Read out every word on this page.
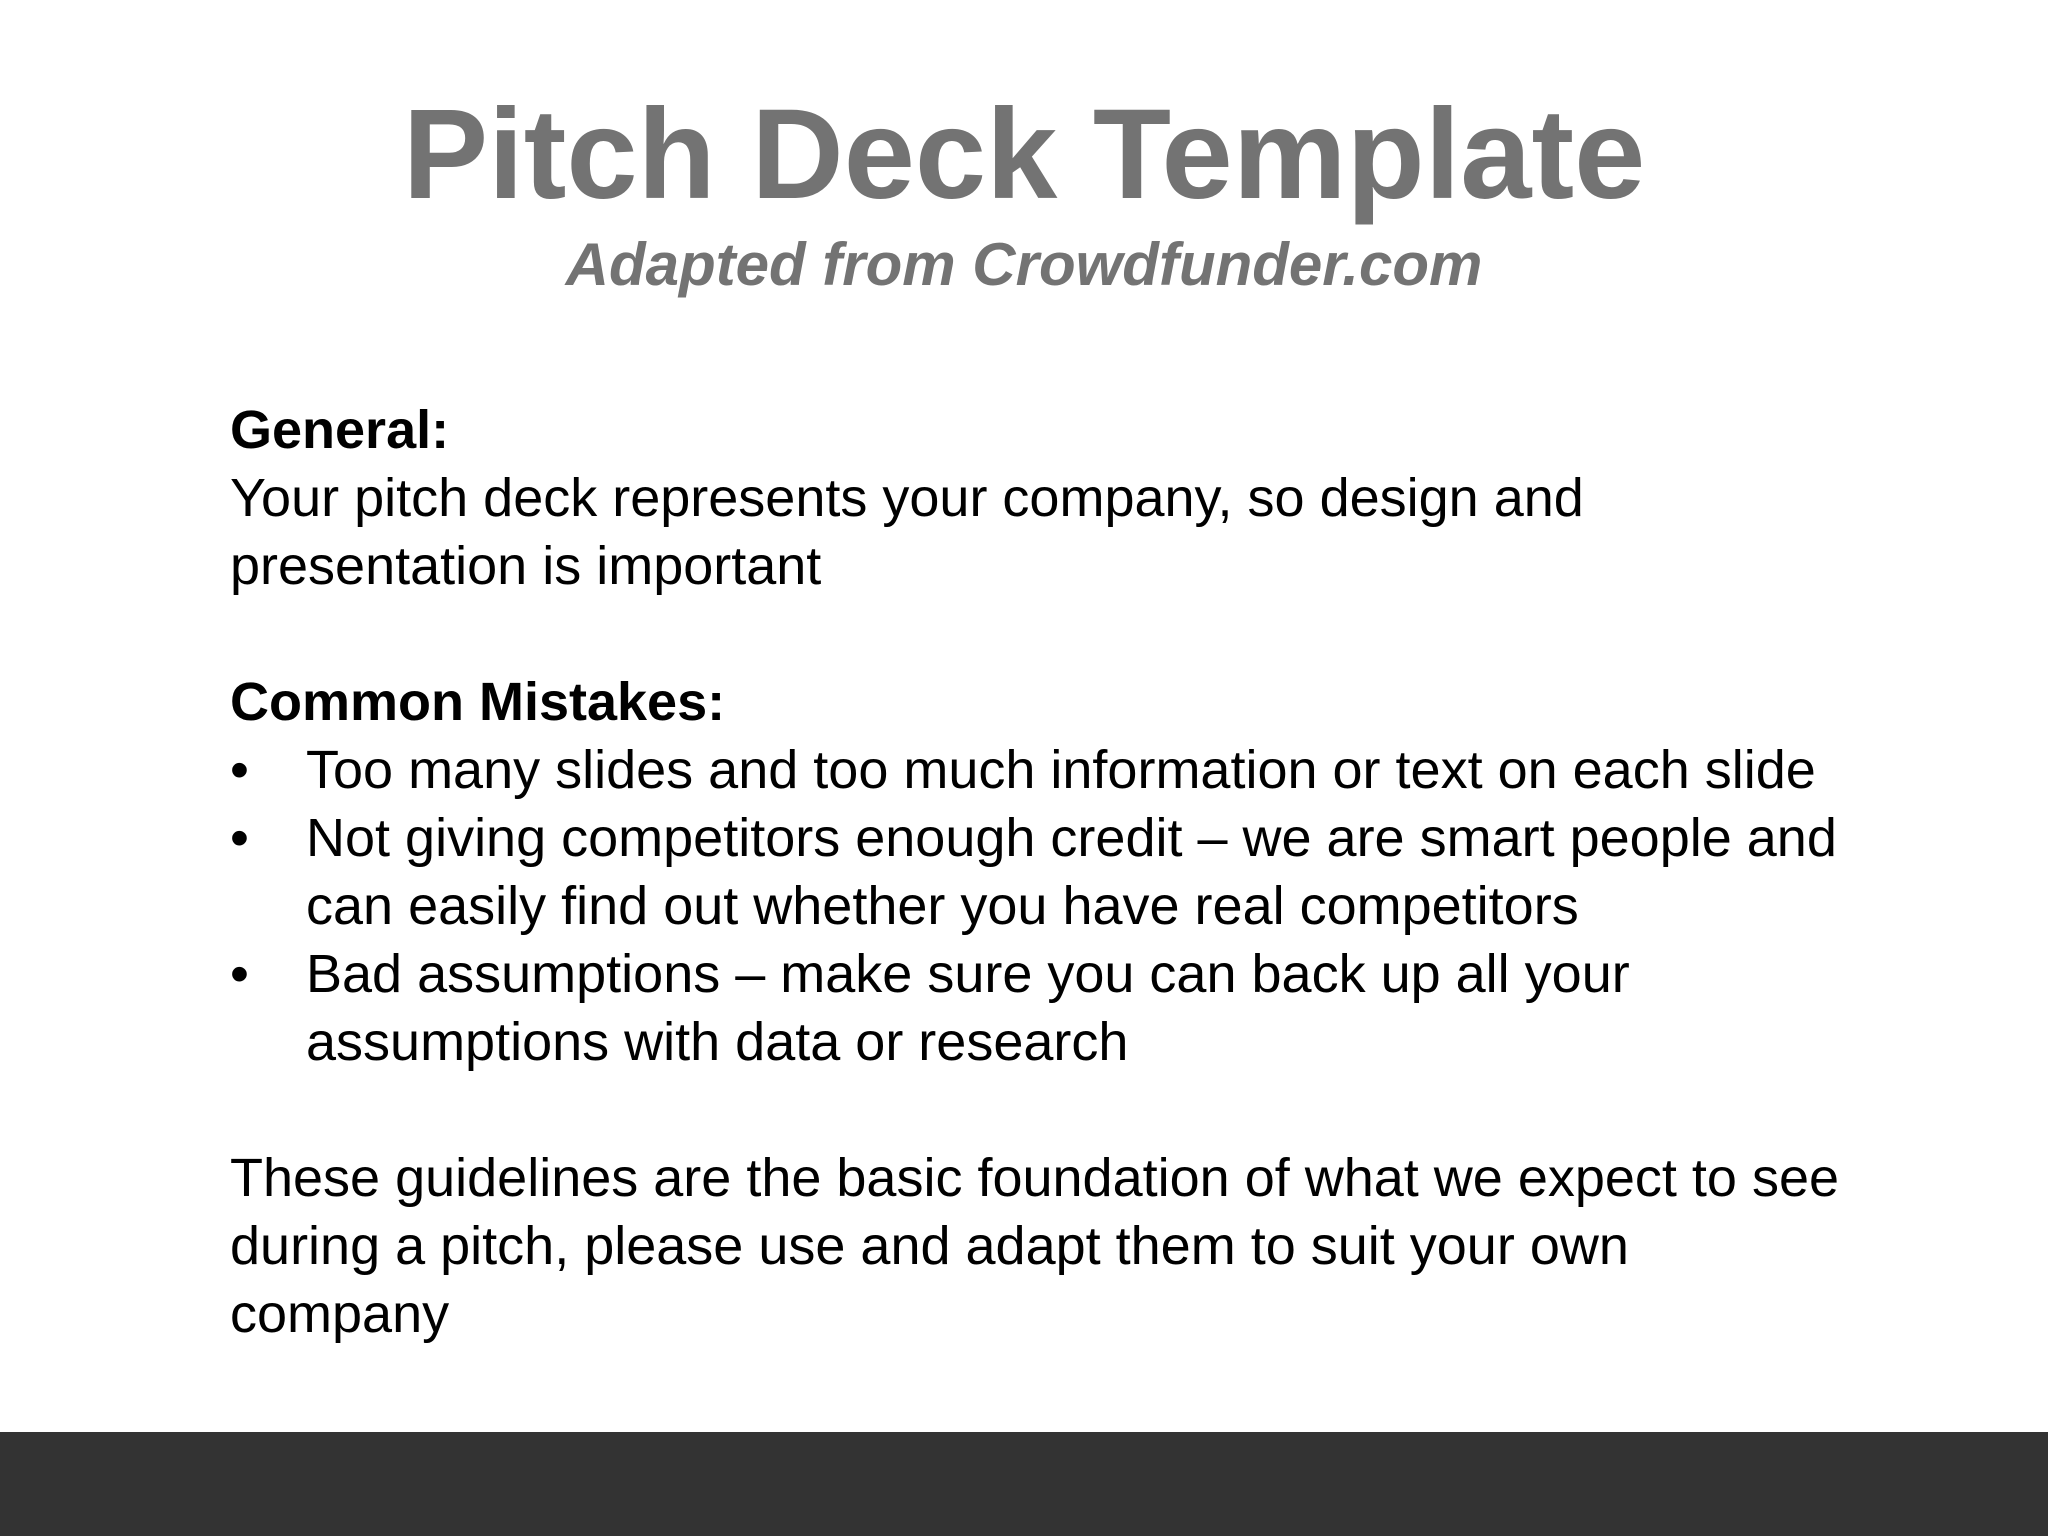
Pitch Deck Template

Adapted from Crowdfunder.com

General:

Your pitch deck represents your company, so design and presentation is important

Common Mistakes:

•	Too many slides and too much information or text on each slide
•	Not giving competitors enough credit – we are smart people and can easily find out whether you have real competitors
•	Bad assumptions – make sure you can back up all your assumptions with data or research

These guidelines are the basic foundation of what we expect to see during a pitch, please use and adapt them to suit your own company
